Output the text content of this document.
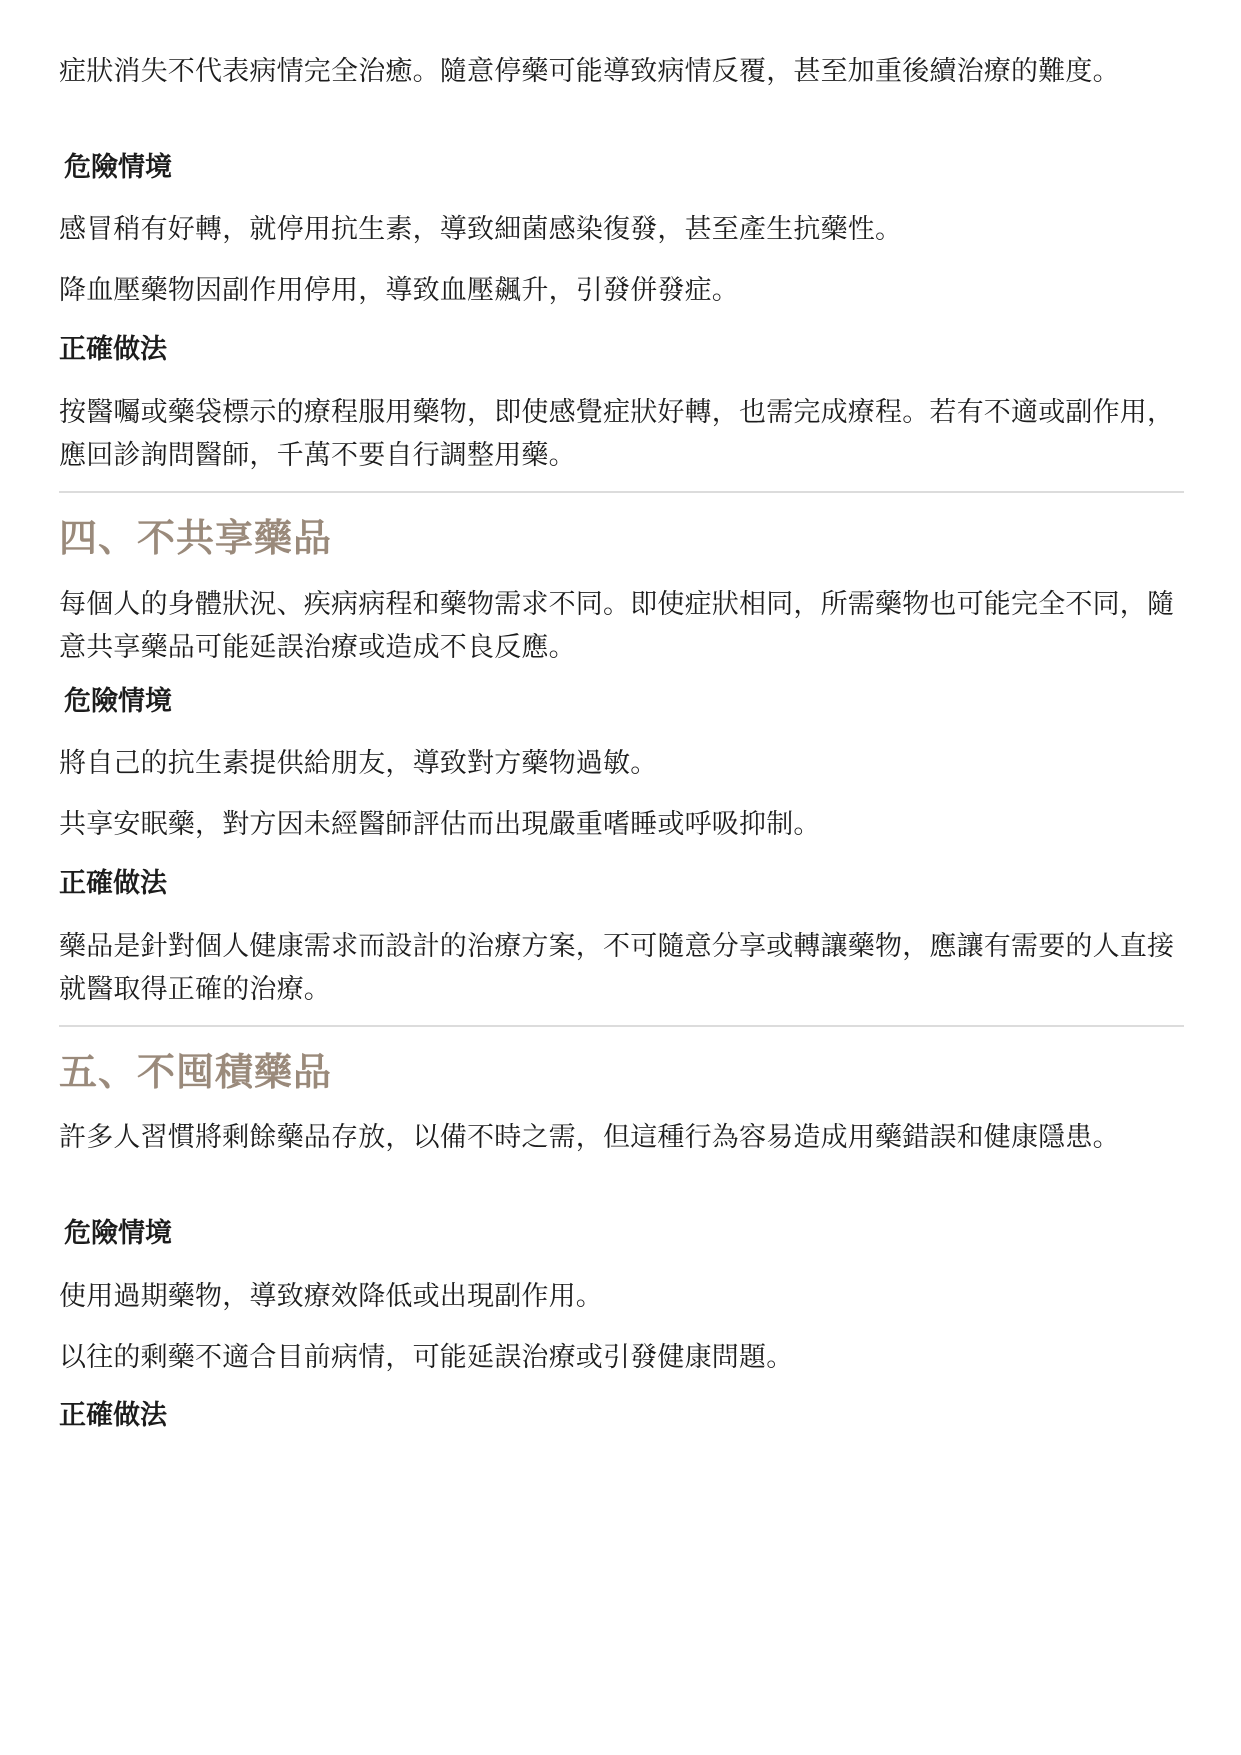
症狀消失不代表病情完全治癒。隨意停藥可能導致病情反覆，甚至加重後續治療的難度。

危險情境

感冒稍有好轉，就停用抗生素，導致細菌感染復發，甚至產生抗藥性。

降血壓藥物因副作用停用，導致血壓飆升，引發併發症。

正確做法

按醫囑或藥袋標示的療程服用藥物，即使感覺症狀好轉，也需完成療程。若有不適或副作用，應回診詢問醫師，千萬不要自行調整用藥。

四、不共享藥品

每個人的身體狀況、疾病病程和藥物需求不同。即使症狀相同，所需藥物也可能完全不同，隨意共享藥品可能延誤治療或造成不良反應。

危險情境

將自己的抗生素提供給朋友，導致對方藥物過敏。

共享安眠藥，對方因未經醫師評估而出現嚴重嗜睡或呼吸抑制。

正確做法

藥品是針對個人健康需求而設計的治療方案，不可隨意分享或轉讓藥物，應讓有需要的人直接就醫取得正確的治療。

五、不囤積藥品

許多人習慣將剩餘藥品存放，以備不時之需，但這種行為容易造成用藥錯誤和健康隱患。

危險情境

使用過期藥物，導致療效降低或出現副作用。

以往的剩藥不適合目前病情，可能延誤治療或引發健康問題。

正確做法
